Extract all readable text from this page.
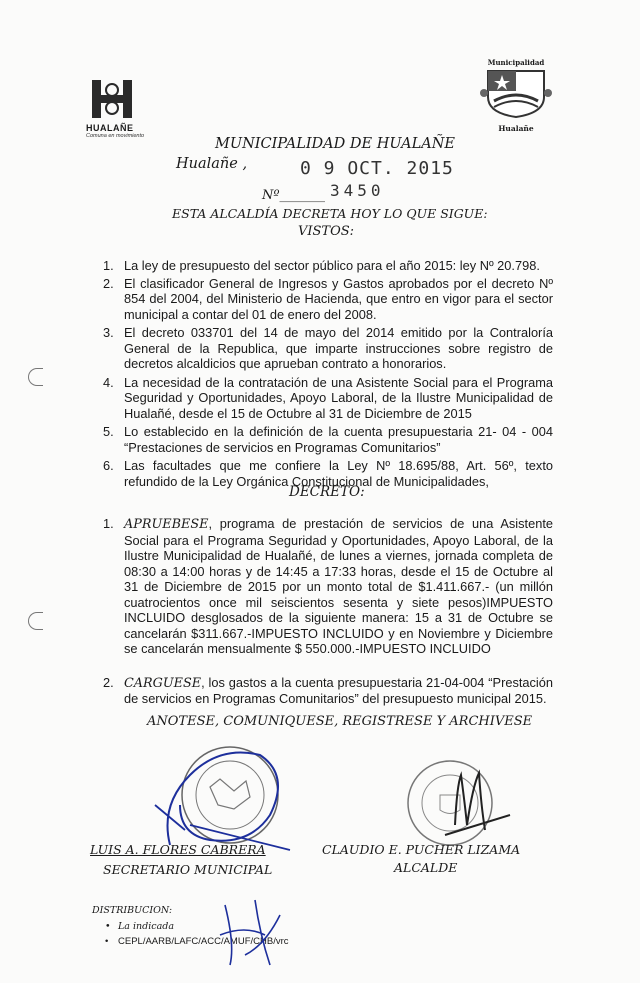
HUALAÑE
Comuna en movimiento
Municipalidad
Hualañe
MUNICIPALIDAD DE HUALAÑE
Hualañe ,	0 9 OCT. 2015
Nº_______ 3450
ESTA ALCALDÍA DECRETA HOY LO QUE SIGUE:
VISTOS:
1. La ley de presupuesto del sector público para el año 2015: ley Nº 20.798.
2. El clasificador General de Ingresos y Gastos aprobados por el decreto Nº 854 del 2004, del Ministerio de Hacienda, que entro en vigor para el sector municipal a contar del 01 de enero del 2008.
3. El decreto 033701 del 14 de mayo del 2014 emitido por la Contraloría General de la Republica, que imparte instrucciones sobre registro de decretos alcaldicios que aprueban contrato a honorarios.
4. La necesidad de la contratación de una Asistente Social para el Programa Seguridad y Oportunidades, Apoyo Laboral, de la Ilustre Municipalidad de Hualañé, desde el 15 de Octubre al 31 de Diciembre de 2015
5. Lo establecido en la definición de la cuenta presupuestaria 21- 04 - 004 “Prestaciones de servicios en Programas Comunitarios”
6. Las facultades que me confiere la Ley Nº 18.695/88, Art. 56º, texto refundido de la Ley Orgánica Constitucional de Municipalidades,
DECRETO:
1. APRUEBESE, programa de prestación de servicios de una Asistente Social para el Programa Seguridad y Oportunidades, Apoyo Laboral, de la Ilustre Municipalidad de Hualañé, de lunes a viernes, jornada completa de 08:30 a 14:00 horas y de 14:45 a 17:33 horas, desde el 15 de Octubre al 31 de Diciembre de 2015 por un monto total de $1.411.667.- (un millón cuatrocientos once mil seiscientos sesenta y siete pesos)IMPUESTO INCLUIDO desglosados de la siguiente manera: 15 a 31 de Octubre se cancelarán $311.667.-IMPUESTO INCLUIDO y en Noviembre y Diciembre se cancelarán mensualmente $ 550.000.-IMPUESTO INCLUIDO
2. CARGUESE, los gastos a la cuenta presupuestaria 21-04-004 “Prestación de servicios en Programas Comunitarios” del presupuesto municipal 2015.
ANOTESE, COMUNIQUESE, REGISTRESE Y ARCHIVESE
LUIS A. FLORES CABRERA
SECRETARIO MUNICIPAL
CLAUDIO E. PUCHER LIZAMA
ALCALDE
DISTRIBUCION:
• La indicada
• CEPL/AARB/LAFC/ACC/AMUF/CHB/vrc
